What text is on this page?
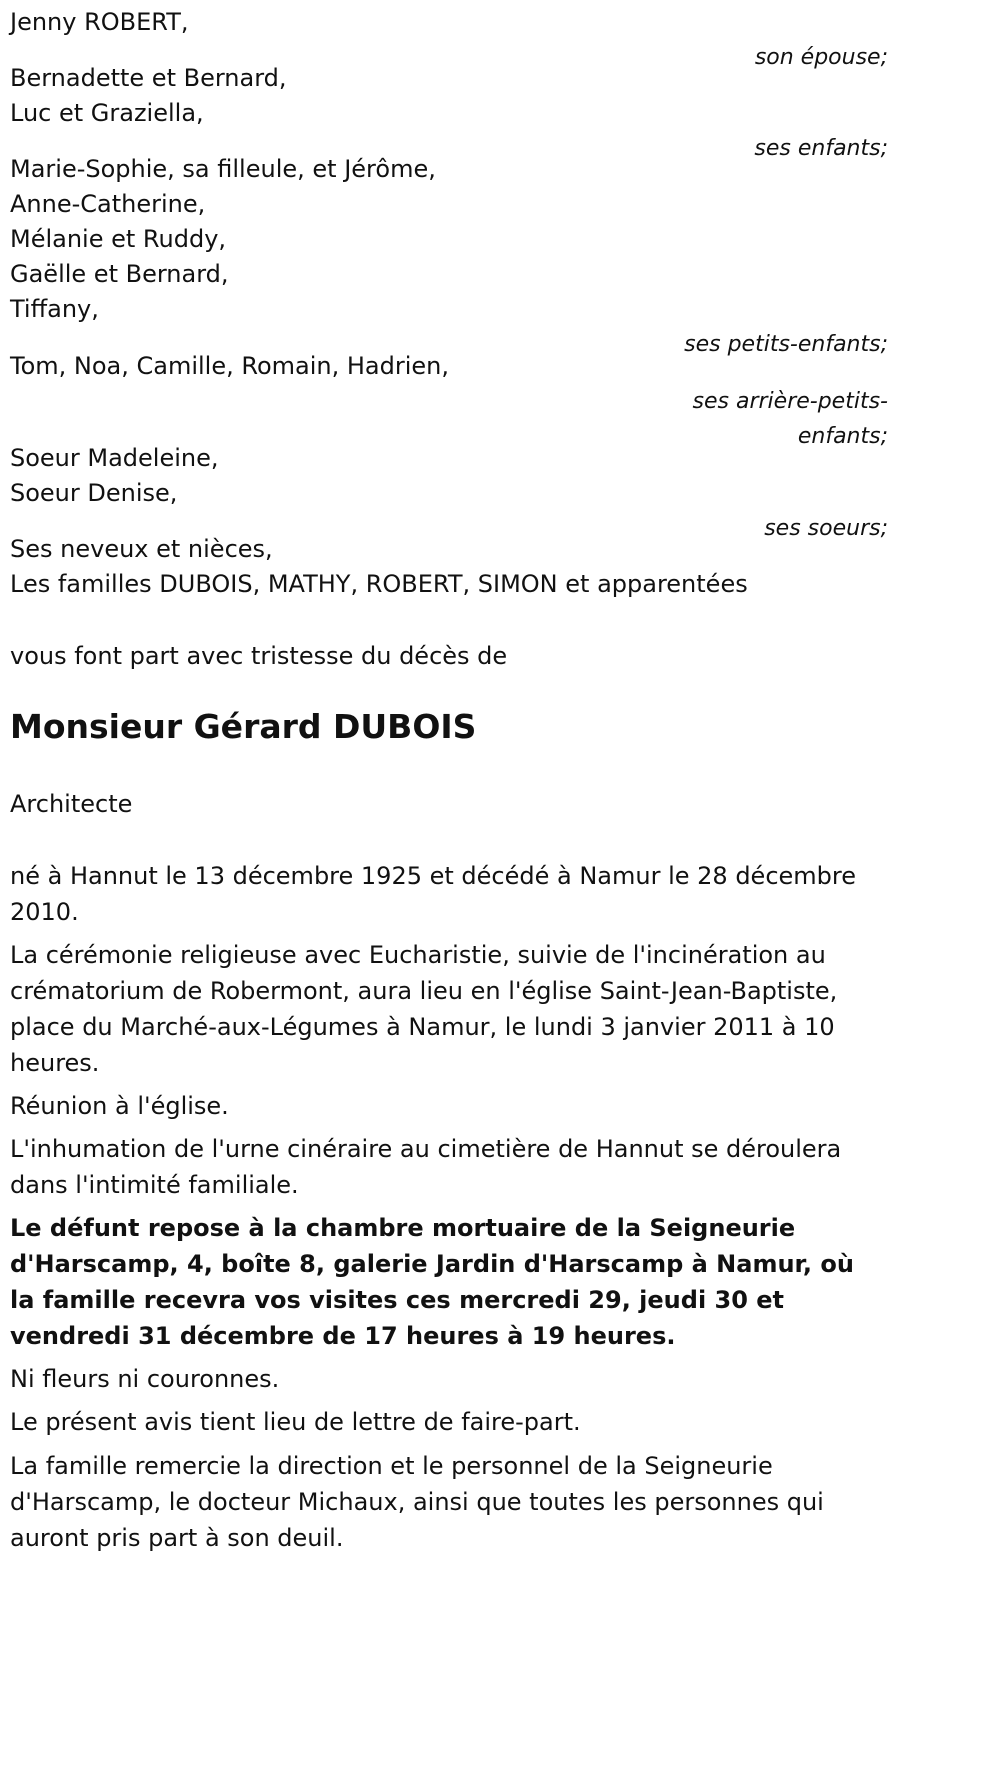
Jenny ROBERT,
son épouse;
Bernadette et Bernard,
Luc et Graziella,
ses enfants;
Marie-Sophie, sa filleule, et Jérôme,
Anne-Catherine,
Mélanie et Ruddy,
Gaëlle et Bernard,
Tiffany,
ses petits-enfants;
Tom, Noa, Camille, Romain, Hadrien,
ses arrière-petits-
enfants;
Soeur Madeleine,
Soeur Denise,
ses soeurs;
Ses neveux et nièces,
Les familles DUBOIS, MATHY, ROBERT, SIMON et apparentées
vous font part avec tristesse du décès de
Monsieur Gérard DUBOIS
Architecte

né à Hannut le 13 décembre 1925 et décédé à Namur le 28 décembre 2010.

La cérémonie religieuse avec Eucharistie, suivie de l'incinération au crématorium de Robermont, aura lieu en l'église Saint-Jean-Baptiste, place du Marché-aux-Légumes à Namur, le lundi 3 janvier 2011 à 10 heures.

Réunion à l'église.

L'inhumation de l'urne cinéraire au cimetière de Hannut se déroulera dans l'intimité familiale.

Le défunt repose à la chambre mortuaire de la Seigneurie d'Harscamp, 4, boîte 8, galerie Jardin d'Harscamp à Namur, où la famille recevra vos visites ces mercredi 29, jeudi 30 et vendredi 31 décembre de 17 heures à 19 heures.

Ni fleurs ni couronnes.

Le présent avis tient lieu de lettre de faire-part.

La famille remercie la direction et le personnel de la Seigneurie d'Harscamp, le docteur Michaux, ainsi que toutes les personnes qui auront pris part à son deuil.
